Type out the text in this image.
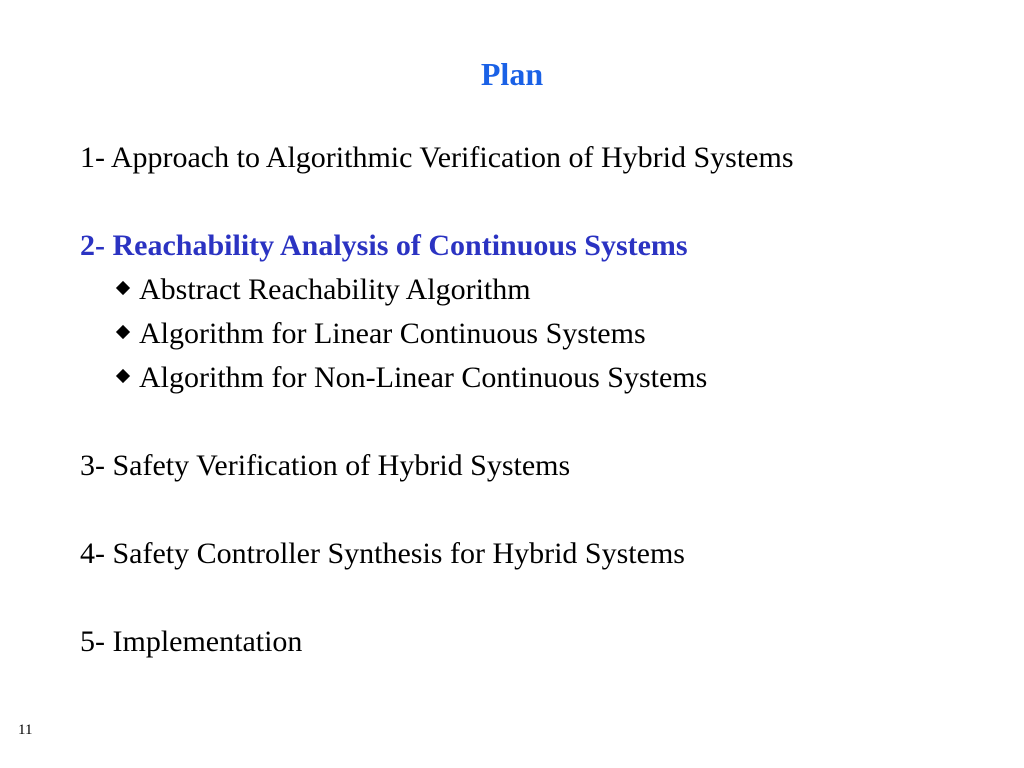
Plan
1- Approach to Algorithmic Verification of Hybrid Systems
2- Reachability Analysis of Continuous Systems
Abstract Reachability Algorithm
Algorithm for Linear Continuous Systems
Algorithm for Non-Linear Continuous Systems
3- Safety Verification of Hybrid Systems
4- Safety Controller Synthesis for Hybrid Systems
5- Implementation
11
